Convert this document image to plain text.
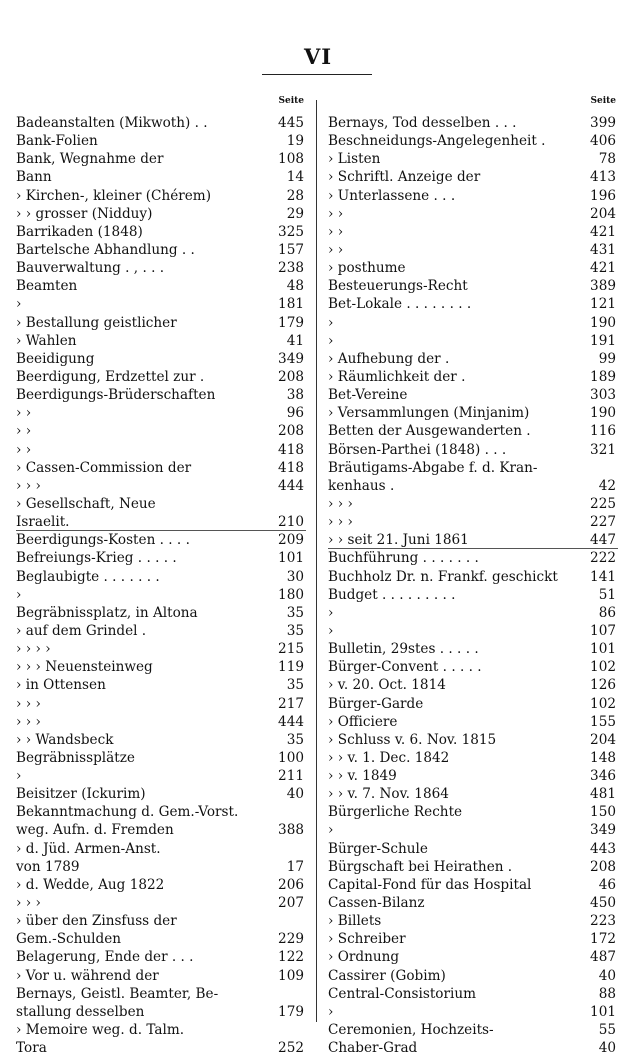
VI
Seite
Badeanstalten (Mikwoth) . .	445
Bank-Folien	19
Bank, Wegnahme der	108
Bann	14
› Kirchen-, kleiner (Chérem)	28
› › grosser (Nidduy)	29
Barrikaden (1848)	325
Bartelsche Abhandlung . .	157
Bauverwaltung . , . . .	238
Beamten	48
›	181
› Bestallung geistlicher	179
› Wahlen	41
Beeidigung	349
Beerdigung, Erdzettel zur .	208
Beerdigungs-Brüderschaften	38
› ›	96
› ›	208
› ›	418
› Cassen-Commission der	418
› › ›	444
› Gesellschaft, Neue
Israelit.	210
Beerdigungs-Kosten . . . .	209
Befreiungs-Krieg . . . . .	101
Beglaubigte . . . . . . .	30
›	180
Begräbnissplatz, in Altona	35
› auf dem Grindel .	35
› › › ›	215
› › › Neuensteinweg	119
› in Ottensen	35
› › ›	217
› › ›	444
› › Wandsbeck	35
Begräbnissplätze	100
›	211
Beisitzer (Ickurim)	40
Bekanntmachung d. Gem.-Vorst.
weg. Aufn. d. Fremden	388
› d. Jüd. Armen-Anst.
von 1789	17
› d. Wedde, Aug 1822	206
› › ›	207
› über den Zinsfuss der
Gem.-Schulden	229
Belagerung, Ende der . . .	122
› Vor u. während der	109
Bernays, Geistl. Beamter, Be-
stallung desselben	179
› Memoire weg. d. Talm.
Tora	252
Seite
Bernays, Tod desselben . . .	399
Beschneidungs-Angelegenheit .	406
› Listen	78
› Schriftl. Anzeige der	413
› Unterlassene . . .	196
› ›	204
› ›	421
› ›	431
› posthume	421
Besteuerungs-Recht	389
Bet-Lokale . . . . . . . .	121
›	190
›	191
› Aufhebung der .	99
› Räumlichkeit der .	189
Bet-Vereine	303
› Versammlungen (Minjanim)	190
Betten der Ausgewanderten .	116
Börsen-Parthei (1848) . . .	321
Bräutigams-Abgabe f. d. Kran-
kenhaus .	42
› › ›	225
› › ›	227
› › seit 21. Juni 1861	447
Buchführung . . . . . . .	222
Buchholz Dr. n. Frankf. geschickt	141
Budget . . . . . . . . .	51
›	86
›	107
Bulletin, 29stes . . . . .	101
Bürger-Convent . . . . .	102
› v. 20. Oct. 1814	126
Bürger-Garde	102
› Officiere	155
› Schluss v. 6. Nov. 1815	204
› › v. 1. Dec. 1842	148
› › v. 1849	346
› › v. 7. Nov. 1864	481
Bürgerliche Rechte	150
›	349
Bürger-Schule	443
Bürgschaft bei Heirathen .	208
Capital-Fond für das Hospital	46
Cassen-Bilanz	450
› Billets	223
› Schreiber	172
› Ordnung	487
Cassirer (Gobim)	40
Central-Consistorium	88
›	101
Ceremonien, Hochzeits-	55
Chaber-Grad	40
